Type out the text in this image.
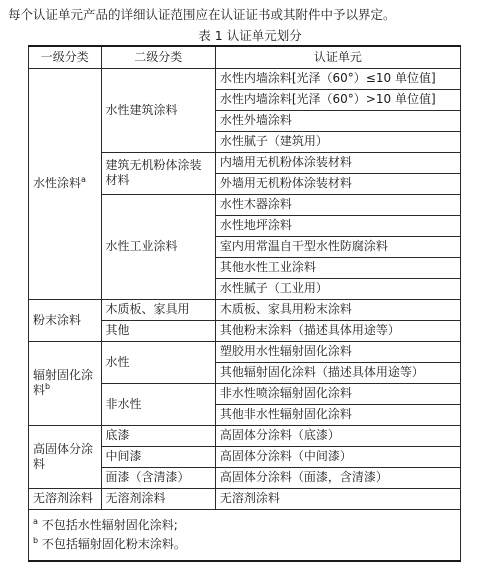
每个认证单元产品的详细认证范围应在认证证书或其附件中予以界定。
表 1 认证单元划分
一级分类	二级分类	认证单元
水性涂料$^a$	水性建筑涂料	水性内墙涂料[光泽（60°）≤10 单位值]
		水性内墙涂料[光泽（60°）>10 单位值]
		水性外墙涂料
		水性腻子（建筑用）
	建筑无机粉体涂装材料	内墙用无机粉体涂装材料
		外墙用无机粉体涂装材料
	水性工业涂料	水性木器涂料
		水性地坪涂料
		室内用常温自干型水性防腐涂料
		其他水性工业涂料
		水性腻子（工业用）
粉末涂料	木质板、家具用	木质板、家具用粉末涂料
	其他	其他粉末涂料（描述具体用途等）
辐射固化涂料$^b$	水性	塑胶用水性辐射固化涂料
		其他辐射固化涂料（描述具体用途等）
	非水性	非水性喷涂辐射固化涂料
		其他非水性辐射固化涂料
高固体分涂料	底漆	高固体分涂料（底漆）
	中间漆	高固体分涂料（中间漆）
	面漆（含清漆）	高固体分涂料（面漆，含清漆）
无溶剂涂料	无溶剂涂料	无溶剂涂料

$^a$ 不包括水性辐射固化涂料;
$^b$ 不包括辐射固化粉末涂料。		
